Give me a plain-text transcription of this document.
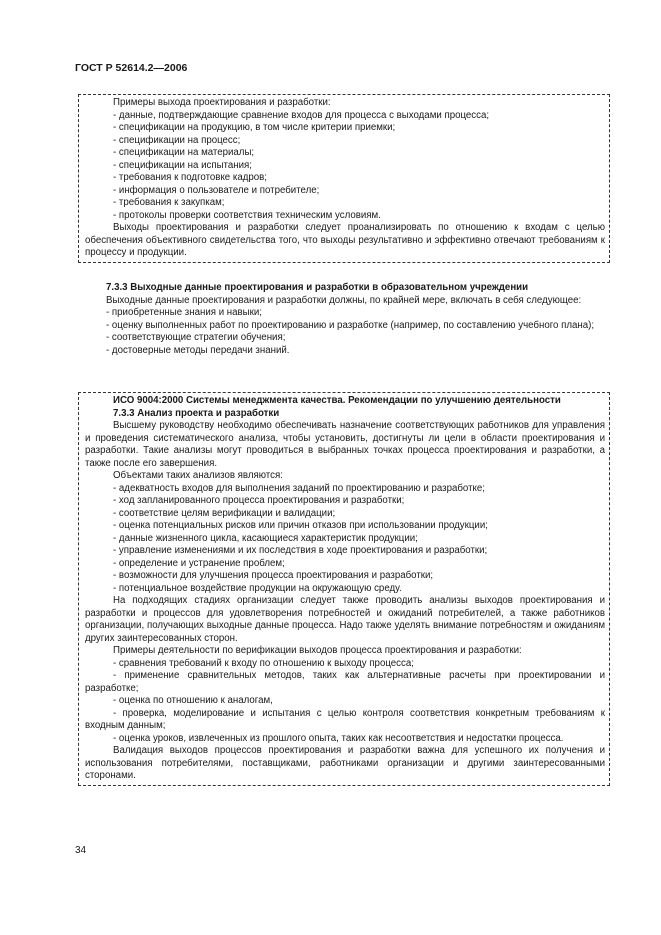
ГОСТ Р 52614.2—2006

Примеры выхода проектирования и разработки:

- данные, подтверждающие сравнение входов для процесса с выходами процесса;

- спецификации на продукцию, в том числе критерии приемки;

- спецификации на процесс;

- спецификации на материалы;

- спецификации на испытания;

- требования к подготовке кадров;

- информация о пользователе и потребителе;

- требования к закупкам;

- протоколы проверки соответствия техническим условиям.

Выходы проектирования и разработки следует проанализировать по отношению к входам с целью обеспечения объективного свидетельства того, что выходы результативно и эффективно отвечают требованиям к процессу и продукции.

7.3.3 Выходные данные проектирования и разработки в образовательном учреждении

Выходные данные проектирования и разработки должны, по крайней мере, включать в себя следующее:

- приобретенные знания и навыки;

- оценку выполненных работ по проектированию и разработке (например, по составлению учебного плана);

- соответствующие стратегии обучения;

- достоверные методы передачи знаний.

ИСО 9004:2000 Системы менеджмента качества. Рекомендации по улучшению деятельности

7.3.3 Анализ проекта и разработки

Высшему руководству необходимо обеспечивать назначение соответствующих работников для управления и проведения систематического анализа, чтобы установить, достигнуты ли цели в области проектирования и разработки. Такие анализы могут проводиться в выбранных точках процесса проектирования и разработки, а также после его завершения.

Объектами таких анализов являются:

- адекватность входов для выполнения заданий по проектированию и разработке;

- ход запланированного процесса проектирования и разработки;

- соответствие целям верификации и валидации;

- оценка потенциальных рисков или причин отказов при использовании продукции;

- данные жизненного цикла, касающиеся характеристик продукции;

- управление изменениями и их последствия в ходе проектирования и разработки;

- определение и устранение проблем;

- возможности для улучшения процесса проектирования и разработки;

- потенциальное воздействие продукции на окружающую среду.

На подходящих стадиях организации следует также проводить анализы выходов проектирования и разработки и процессов для удовлетворения потребностей и ожиданий потребителей, а также работников организации, получающих выходные данные процесса. Надо также уделять внимание потребностям и ожиданиям других заинтересованных сторон.

Примеры деятельности по верификации выходов процесса проектирования и разработки:

- сравнения требований к входу по отношению к выходу процесса;

- применение сравнительных методов, таких как альтернативные расчеты при проектировании и разработке;

- оценка по отношению к аналогам,

- проверка, моделирование и испытания с целью контроля соответствия конкретным требованиям к входным данным;

- оценка уроков, извлеченных из прошлого опыта, таких как несоответствия и недостатки процесса.

Валидация выходов процессов проектирования и разработки важна для успешного их получения и использования потребителями, поставщиками, работниками организации и другими заинтересованными сторонами.

34
